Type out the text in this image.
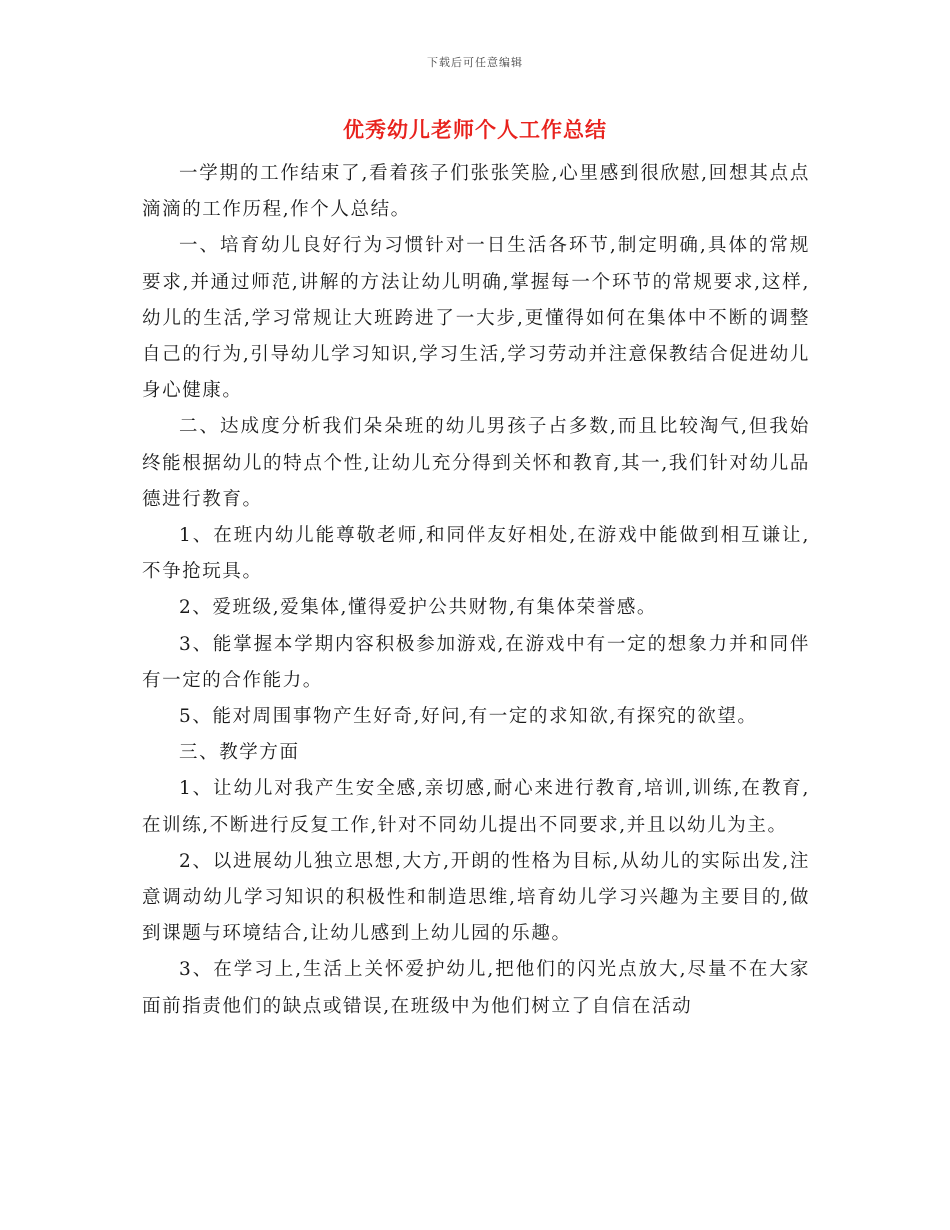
下载后可任意编辑
优秀幼儿老师个人工作总结

一学期的工作结束了,看着孩子们张张笑脸,心里感到很欣慰,回想其点点滴滴的工作历程,作个人总结。

一、培育幼儿良好行为习惯针对一日生活各环节,制定明确,具体的常规要求,并通过师范,讲解的方法让幼儿明确,掌握每一个环节的常规要求,这样,幼儿的生活,学习常规让大班跨进了一大步,更懂得如何在集体中不断的调整自己的行为,引导幼儿学习知识,学习生活,学习劳动并注意保教结合促进幼儿身心健康。

二、达成度分析我们朵朵班的幼儿男孩子占多数,而且比较淘气,但我始终能根据幼儿的特点个性,让幼儿充分得到关怀和教育,其一,我们针对幼儿品德进行教育。

1、在班内幼儿能尊敬老师,和同伴友好相处,在游戏中能做到相互谦让,不争抢玩具。

2、爱班级,爱集体,懂得爱护公共财物,有集体荣誉感。

3、能掌握本学期内容积极参加游戏,在游戏中有一定的想象力并和同伴有一定的合作能力。

5、能对周围事物产生好奇,好问,有一定的求知欲,有探究的欲望。

三、教学方面

1、让幼儿对我产生安全感,亲切感,耐心来进行教育,培训,训练,在教育,在训练,不断进行反复工作,针对不同幼儿提出不同要求,并且以幼儿为主。

2、以进展幼儿独立思想,大方,开朗的性格为目标,从幼儿的实际出发,注意调动幼儿学习知识的积极性和制造思维,培育幼儿学习兴趣为主要目的,做到课题与环境结合,让幼儿感到上幼儿园的乐趣。

3、在学习上,生活上关怀爱护幼儿,把他们的闪光点放大,尽量不在大家面前指责他们的缺点或错误,在班级中为他们树立了自信在活动
